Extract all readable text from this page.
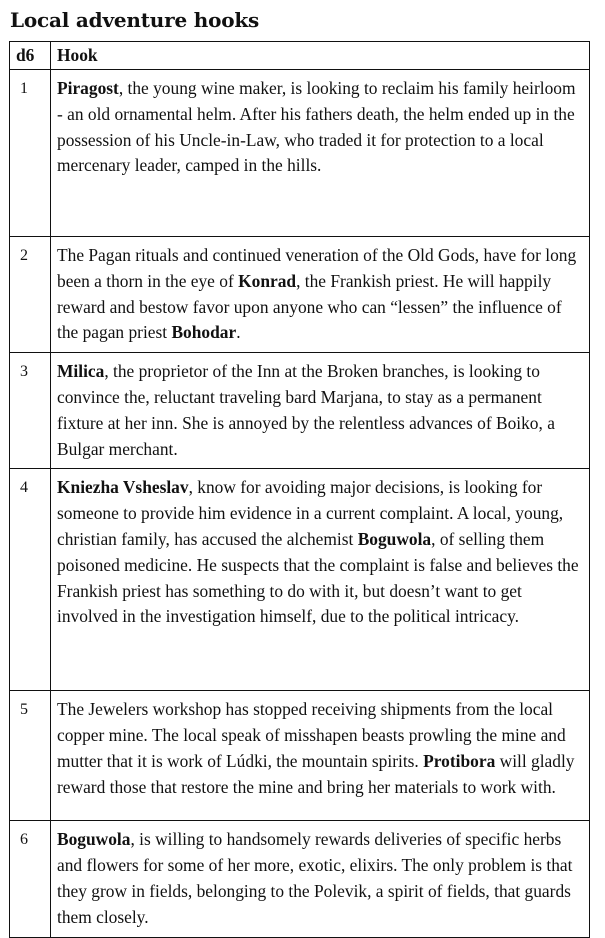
Local adventure hooks
d6	Hook
1	Piragost, the young wine maker, is looking to reclaim his family heirloom - an old ornamental helm. After his fathers death, the helm ended up in the possession of his Uncle-in-Law, who traded it for protection to a local mercenary leader, camped in the hills.
2	The Pagan rituals and continued veneration of the Old Gods, have for long been a thorn in the eye of Konrad, the Frankish priest. He will happily reward and bestow favor upon anyone who can “lessen” the influence of the pagan priest Bohodar.
3	Milica, the proprietor of the Inn at the Broken branches, is looking to convince the, reluctant traveling bard Marjana, to stay as a permanent fixture at her inn. She is annoyed by the relentless advances of Boiko, a Bulgar merchant.
4	Kniezha Vsheslav, know for avoiding major decisions, is looking for someone to provide him evidence in a current complaint. A local, young, christian family, has accused the alchemist Boguwola, of selling them poisoned medicine. He suspects that the complaint is false and believes the Frankish priest has something to do with it, but doesn’t want to get involved in the investigation himself, due to the political intricacy.
5	The Jewelers workshop has stopped receiving shipments from the local copper mine. The local speak of misshapen beasts prowling the mine and mutter that it is work of Lúdki, the mountain spirits. Protibora will gladly reward those that restore the mine and bring her materials to work with.
6	Boguwola, is willing to handsomely rewards deliveries of specific herbs and flowers for some of her more, exotic, elixirs. The only problem is that they grow in fields, belonging to the Polevik, a spirit of fields, that guards them closely.
